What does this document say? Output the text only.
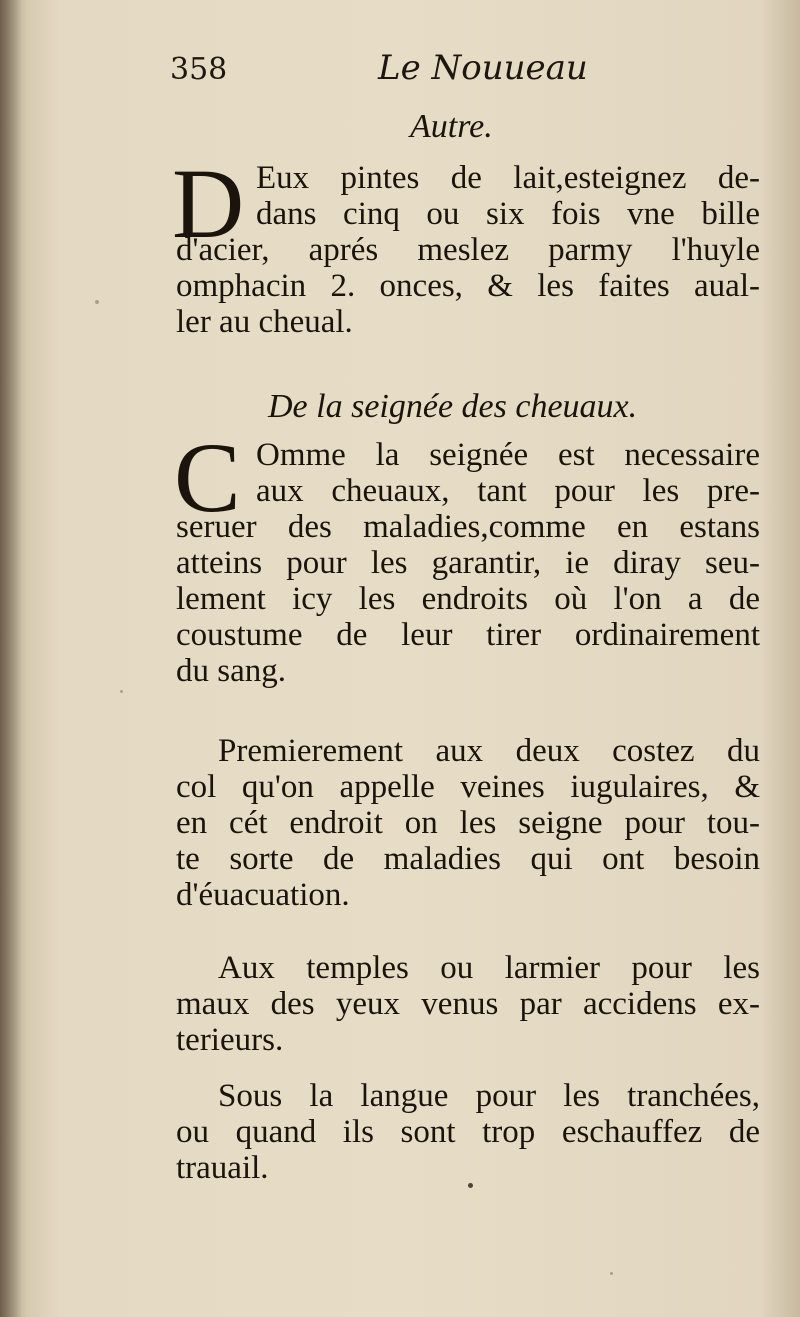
358	Le Nouueau
Autre.
D Eux pintes de lait,esteignez de-
dans cinq ou six fois vne bille
d'acier, aprés meslez parmy l'huyle
omphacin 2. onces, & les faites aual-
ler au cheual.
De la seignée des cheuaux.
C Omme la seignée est necessaire
aux cheuaux, tant pour les pre-
seruer des maladies,comme en estans
atteins pour les garantir, ie diray seu-
lement icy les endroits où l'on a de
coustume de leur tirer ordinairement
du sang.
Premierement aux deux costez du
col qu'on appelle veines iugulaires, &
en cét endroit on les seigne pour tou-
te sorte de maladies qui ont besoin
d'éuacuation.
Aux temples ou larmier pour les
maux des yeux venus par accidens ex-
terieurs.
Sous la langue pour les tranchées,
ou quand ils sont trop eschauffez de
trauail.
